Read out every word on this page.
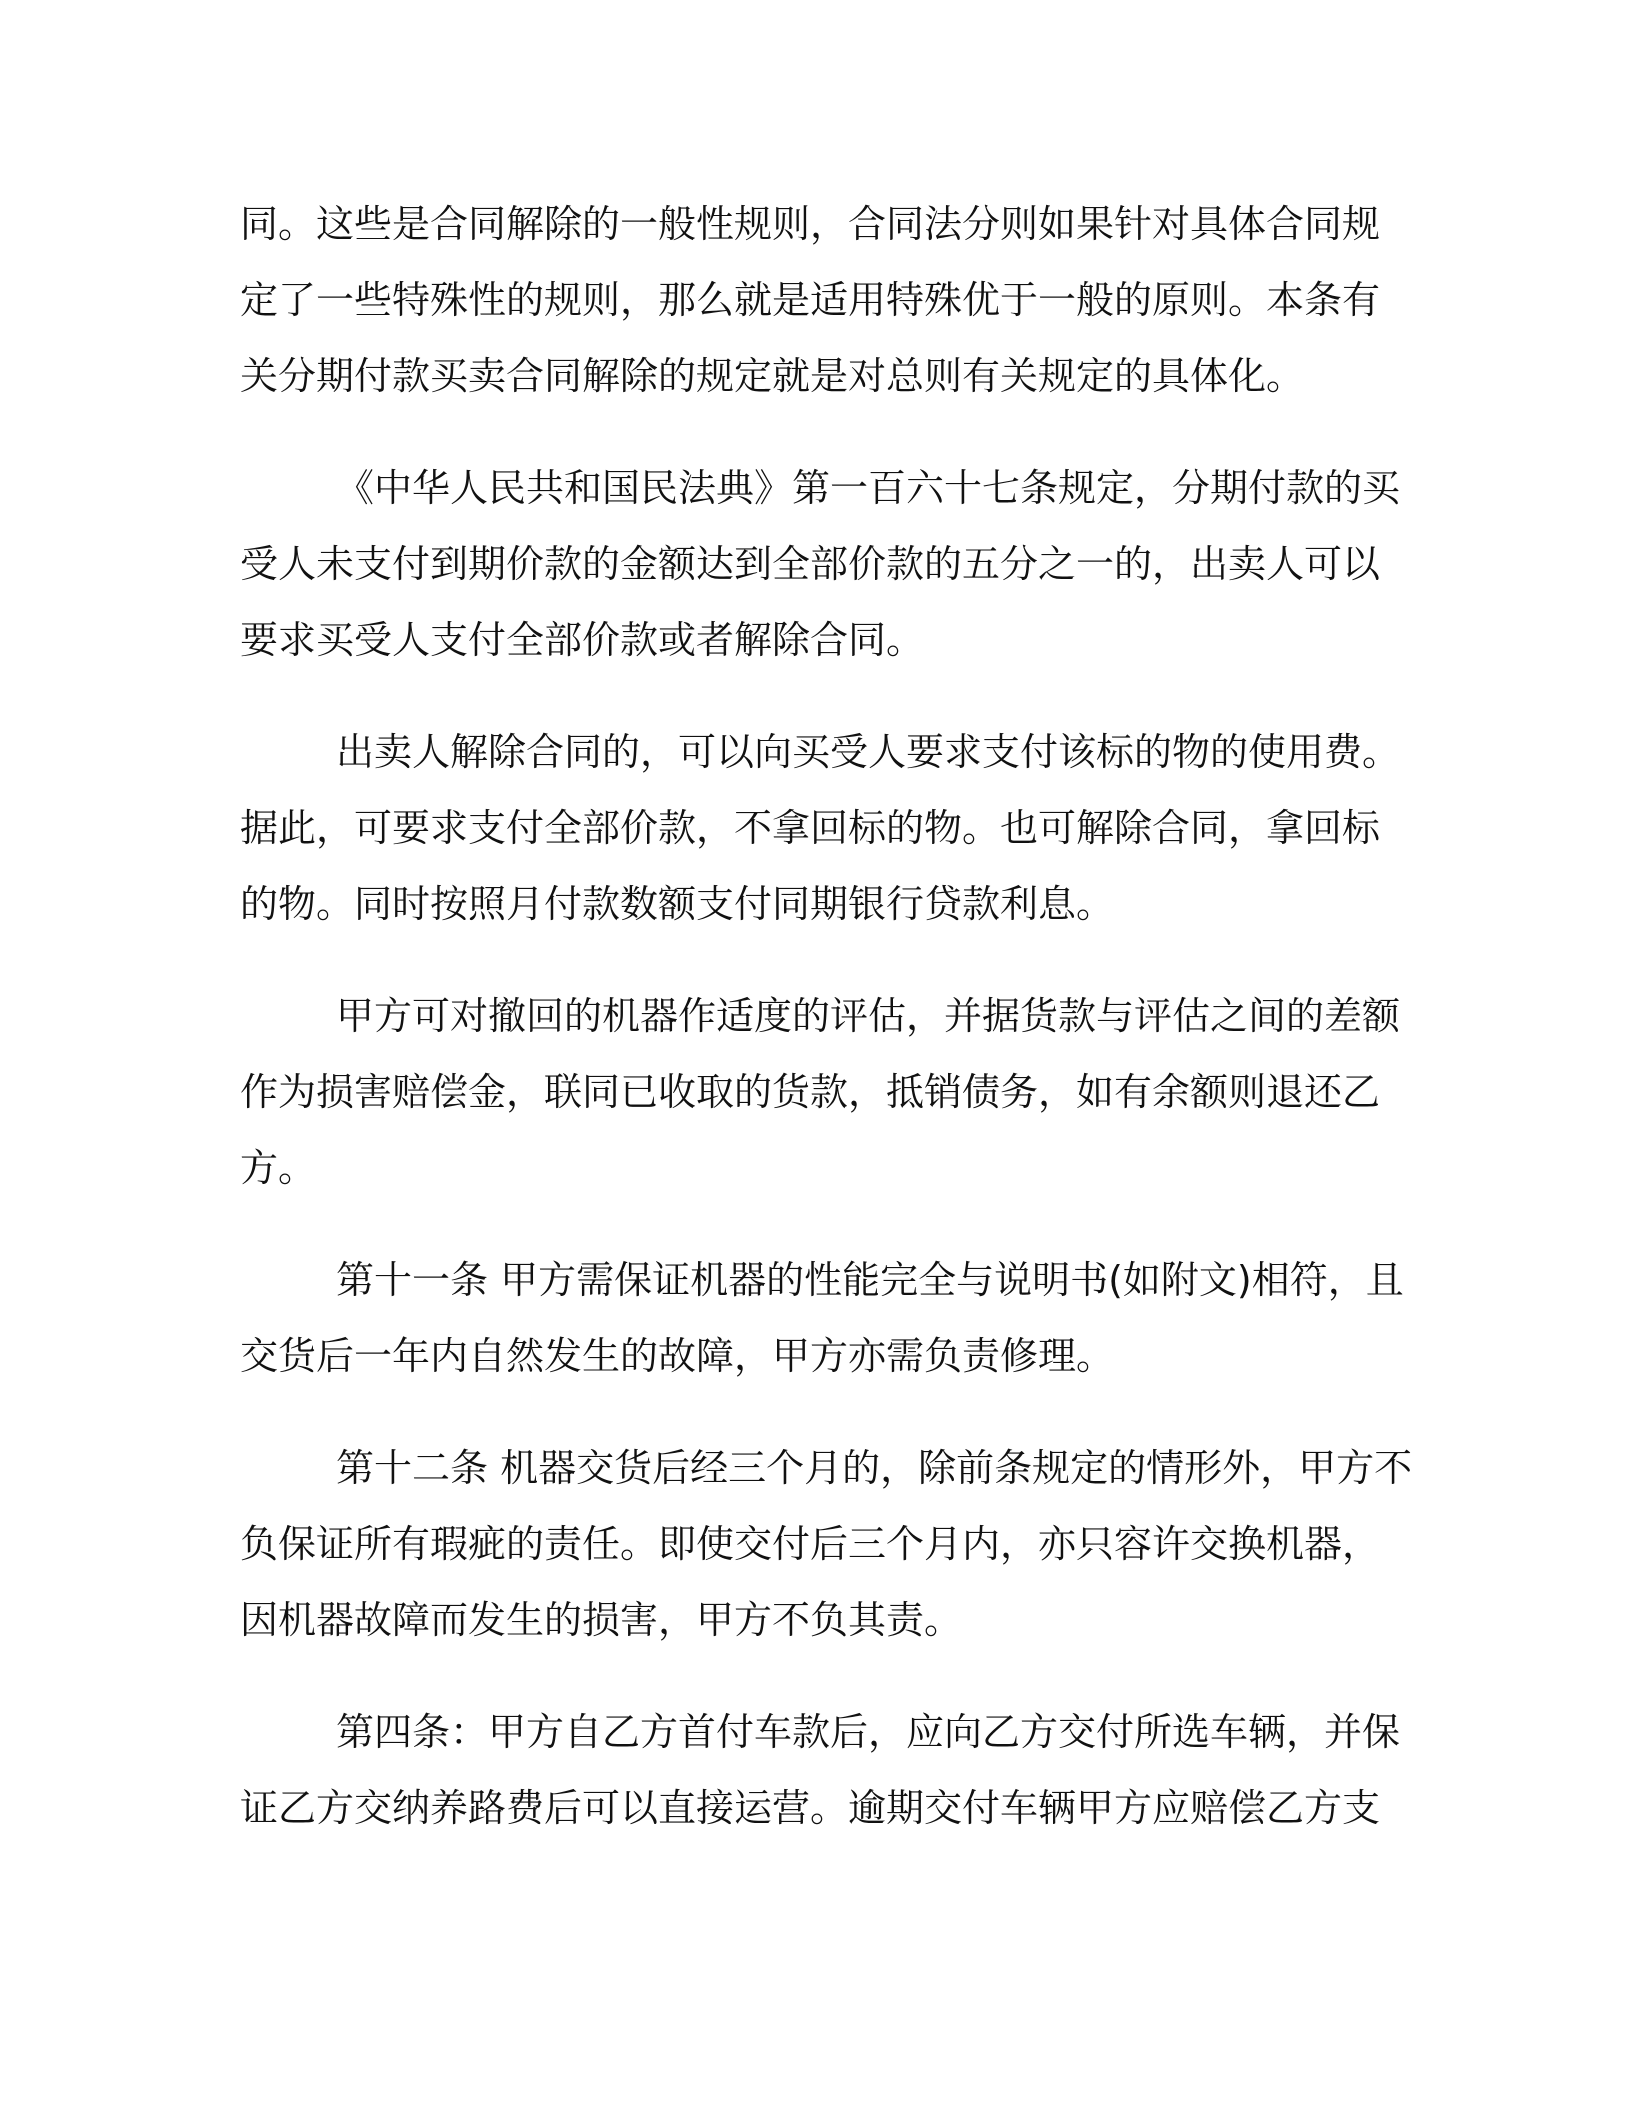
同。这些是合同解除的一般性规则，合同法分则如果针对具体合同规
定了一些特殊性的规则，那么就是适用特殊优于一般的原则。本条有
关分期付款买卖合同解除的规定就是对总则有关规定的具体化。

《中华人民共和国民法典》第一百六十七条规定，分期付款的买
受人未支付到期价款的金额达到全部价款的五分之一的，出卖人可以
要求买受人支付全部价款或者解除合同。

出卖人解除合同的，可以向买受人要求支付该标的物的使用费。
据此，可要求支付全部价款，不拿回标的物。也可解除合同，拿回标
的物。同时按照月付款数额支付同期银行贷款利息。

甲方可对撤回的机器作适度的评估，并据货款与评估之间的差额
作为损害赔偿金，联同已收取的货款，抵销债务，如有余额则退还乙
方。

第十一条 甲方需保证机器的性能完全与说明书(如附文)相符，且
交货后一年内自然发生的故障，甲方亦需负责修理。

第十二条 机器交货后经三个月的，除前条规定的情形外，甲方不
负保证所有瑕疵的责任。即使交付后三个月内，亦只容许交换机器，
因机器故障而发生的损害，甲方不负其责。

第四条：甲方自乙方首付车款后，应向乙方交付所选车辆，并保
证乙方交纳养路费后可以直接运营。逾期交付车辆甲方应赔偿乙方支
